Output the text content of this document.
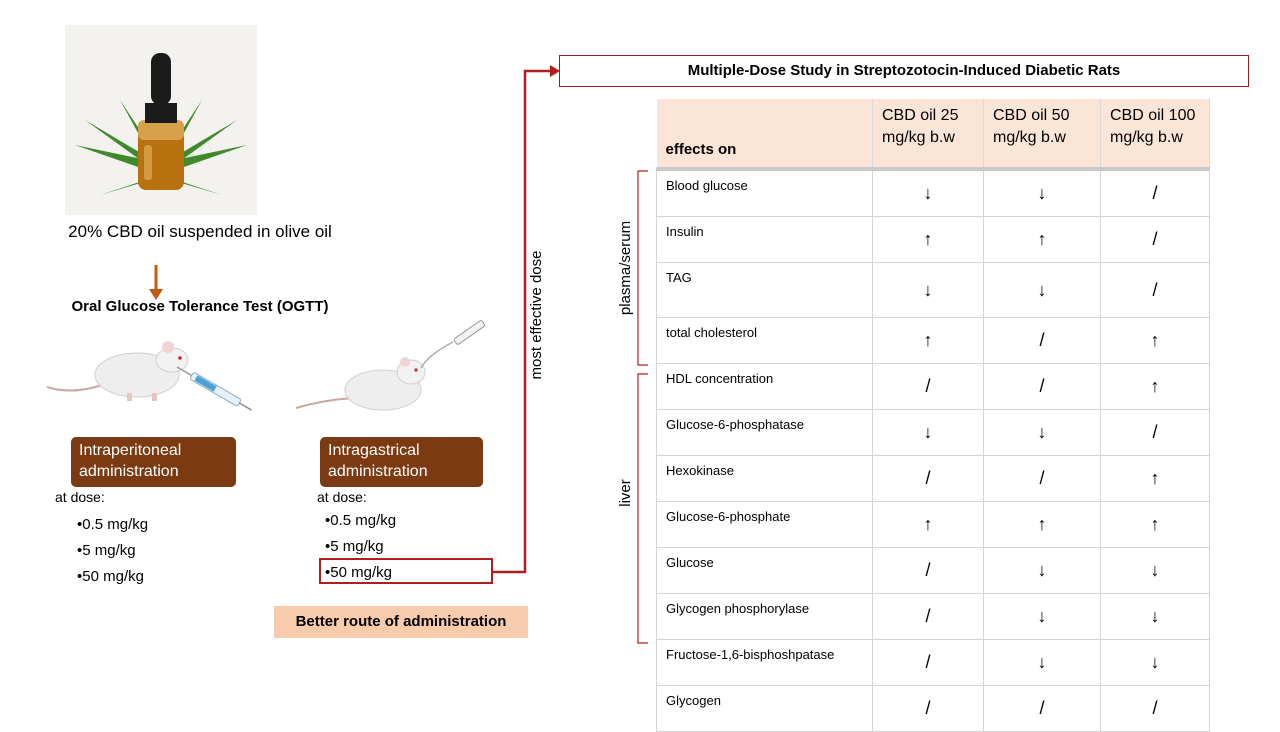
20% CBD oil suspended in olive oil
Oral Glucose Tolerance Test (OGTT)
Intraperitoneal administration
at dose:
• 0.5 mg/kg
• 5 mg/kg
• 50 mg/kg
Intragastrical administration
at dose:
• 0.5 mg/kg
• 5 mg/kg
• 50 mg/kg
Better route of administration
most effective dose
Multiple-Dose Study in Streptozotocin-Induced Diabetic Rats
plasma/serum
liver
effects on	CBD oil 25 mg/kg b.w	CBD oil 50 mg/kg b.w	CBD oil 100 mg/kg b.w
Blood glucose	↓	↓	/
Insulin	↑	↑	/
TAG	↓	↓	/
total cholesterol	↑	/	↑
HDL concentration	/	/	↑
Glucose-6-phosphatase	↓	↓	/
Hexokinase	/	/	↑
Glucose-6-phosphate	↑	↑	↑
Glucose	/	↓	↓
Glycogen phosphorylase	/	↓	↓
Fructose-1,6-bisphoshpatase	/	↓	↓
Glycogen	/	/	/
